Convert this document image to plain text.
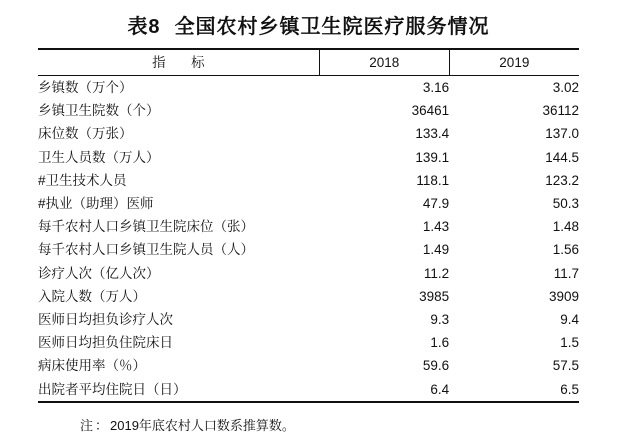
表8 全国农村乡镇卫生院医疗服务情况
指　标	2018	2019
乡镇数（万个）	3.16	3.02
乡镇卫生院数（个）	36461	36112
床位数（万张）	133.4	137.0
卫生人员数（万人）	139.1	144.5
#卫生技术人员	118.1	123.2
#执业（助理）医师	47.9	50.3
每千农村人口乡镇卫生院床位（张）	1.43	1.48
每千农村人口乡镇卫生院人员（人）	1.49	1.56
诊疗人次（亿人次）	11.2	11.7
入院人数（万人）	3985	3909
医师日均担负诊疗人次	9.3	9.4
医师日均担负住院床日	1.6	1.5
病床使用率（％）	59.6	57.5
出院者平均住院日（日）	6.4	6.5
注：2019年底农村人口数系推算数。
